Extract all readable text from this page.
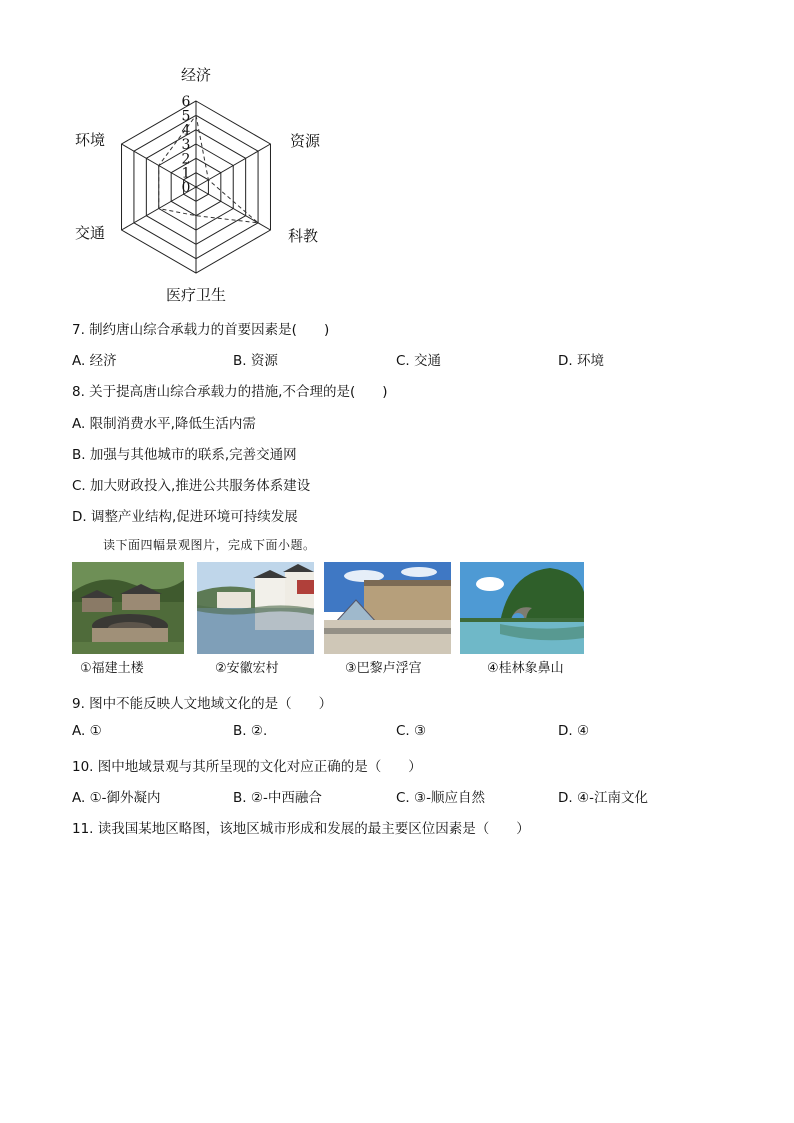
0
1
2
3
4
5
6
经济
资源
科教
医疗卫生
交通
环境
7. 制约唐山综合承载力的首要因素是(　　)
A. 经济	B. 资源	C. 交通	D. 环境
8. 关于提高唐山综合承载力的措施,不合理的是(　　)
A. 限制消费水平,降低生活内需
B. 加强与其他城市的联系,完善交通网
C. 加大财政投入,推进公共服务体系建设
D. 调整产业结构,促进环境可持续发展
读下面四幅景观图片，完成下面小题。
①福建土楼	②安徽宏村	③巴黎卢浮宫	④桂林象鼻山
9. 图中不能反映人文地域文化的是（　　）
A. ①	B. ②.	C. ③	D. ④
10. 图中地域景观与其所呈现的文化对应正确的是（　　）
A. ①-御外凝内	B. ②-中西融合	C. ③-顺应自然	D. ④-江南文化
11. 读我国某地区略图，该地区城市形成和发展的最主要区位因素是（　　）
